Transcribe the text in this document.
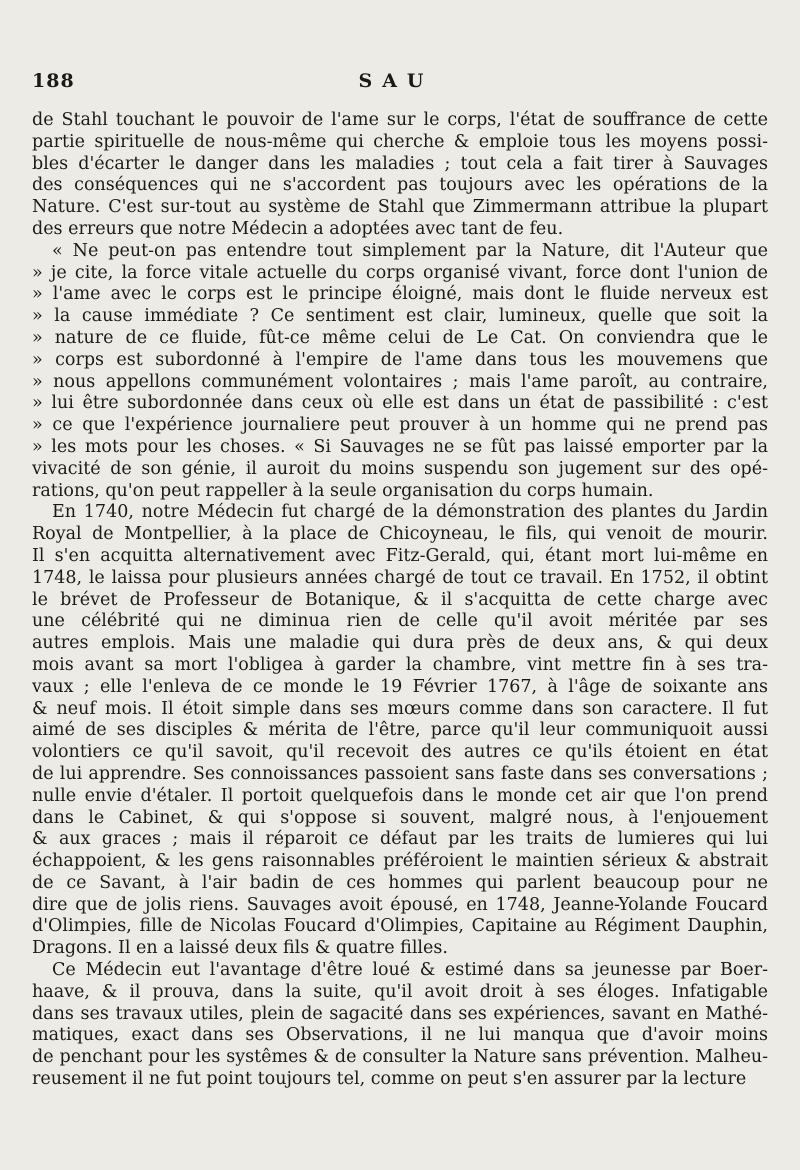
188	SAU
de Stahl touchant le pouvoir de l'ame sur le corps, l'état de souffrance de cette
partie spirituelle de nous-même qui cherche & emploie tous les moyens possi-
bles d'écarter le danger dans les maladies ; tout cela a fait tirer à Sauvages
des conséquences qui ne s'accordent pas toujours avec les opérations de la
Nature. C'est sur-tout au système de Stahl que Zimmermann attribue la plupart
des erreurs que notre Médecin a adoptées avec tant de feu.
« Ne peut-on pas entendre tout simplement par la Nature, dit l'Auteur que
» je cite, la force vitale actuelle du corps organisé vivant, force dont l'union de
» l'ame avec le corps est le principe éloigné, mais dont le fluide nerveux est
» la cause immédiate ? Ce sentiment est clair, lumineux, quelle que soit la
» nature de ce fluide, fût-ce même celui de Le Cat. On conviendra que le
» corps est subordonné à l'empire de l'ame dans tous les mouvemens que
» nous appellons communément volontaires ; mais l'ame paroît, au contraire,
» lui être subordonnée dans ceux où elle est dans un état de passibilité : c'est
» ce que l'expérience journaliere peut prouver à un homme qui ne prend pas
» les mots pour les choses. « Si Sauvages ne se fût pas laissé emporter par la
vivacité de son génie, il auroit du moins suspendu son jugement sur des opé-
rations, qu'on peut rappeller à la seule organisation du corps humain.
En 1740, notre Médecin fut chargé de la démonstration des plantes du Jardin
Royal de Montpellier, à la place de Chicoyneau, le fils, qui venoit de mourir.
Il s'en acquitta alternativement avec Fitz-Gerald, qui, étant mort lui-même en
1748, le laissa pour plusieurs années chargé de tout ce travail. En 1752, il obtint
le brévet de Professeur de Botanique, & il s'acquitta de cette charge avec
une célébrité qui ne diminua rien de celle qu'il avoit méritée par ses
autres emplois. Mais une maladie qui dura près de deux ans, & qui deux
mois avant sa mort l'obligea à garder la chambre, vint mettre fin à ses tra-
vaux ; elle l'enleva de ce monde le 19 Février 1767, à l'âge de soixante ans
& neuf mois. Il étoit simple dans ses mœurs comme dans son caractere. Il fut
aimé de ses disciples & mérita de l'être, parce qu'il leur communiquoit aussi
volontiers ce qu'il savoit, qu'il recevoit des autres ce qu'ils étoient en état
de lui apprendre. Ses connoissances passoient sans faste dans ses conversations ;
nulle envie d'étaler. Il portoit quelquefois dans le monde cet air que l'on prend
dans le Cabinet, & qui s'oppose si souvent, malgré nous, à l'enjouement
& aux graces ; mais il réparoit ce défaut par les traits de lumieres qui lui
échappoient, & les gens raisonnables préféroient le maintien sérieux & abstrait
de ce Savant, à l'air badin de ces hommes qui parlent beaucoup pour ne
dire que de jolis riens. Sauvages avoit épousé, en 1748, Jeanne-Yolande Foucard
d'Olimpies, fille de Nicolas Foucard d'Olimpies, Capitaine au Régiment Dauphin,
Dragons. Il en a laissé deux fils & quatre filles.
Ce Médecin eut l'avantage d'être loué & estimé dans sa jeunesse par Boer-
haave, & il prouva, dans la suite, qu'il avoit droit à ses éloges. Infatigable
dans ses travaux utiles, plein de sagacité dans ses expériences, savant en Mathé-
matiques, exact dans ses Observations, il ne lui manqua que d'avoir moins
de penchant pour les systêmes & de consulter la Nature sans prévention. Malheu-
reusement il ne fut point toujours tel, comme on peut s'en assurer par la lecture
